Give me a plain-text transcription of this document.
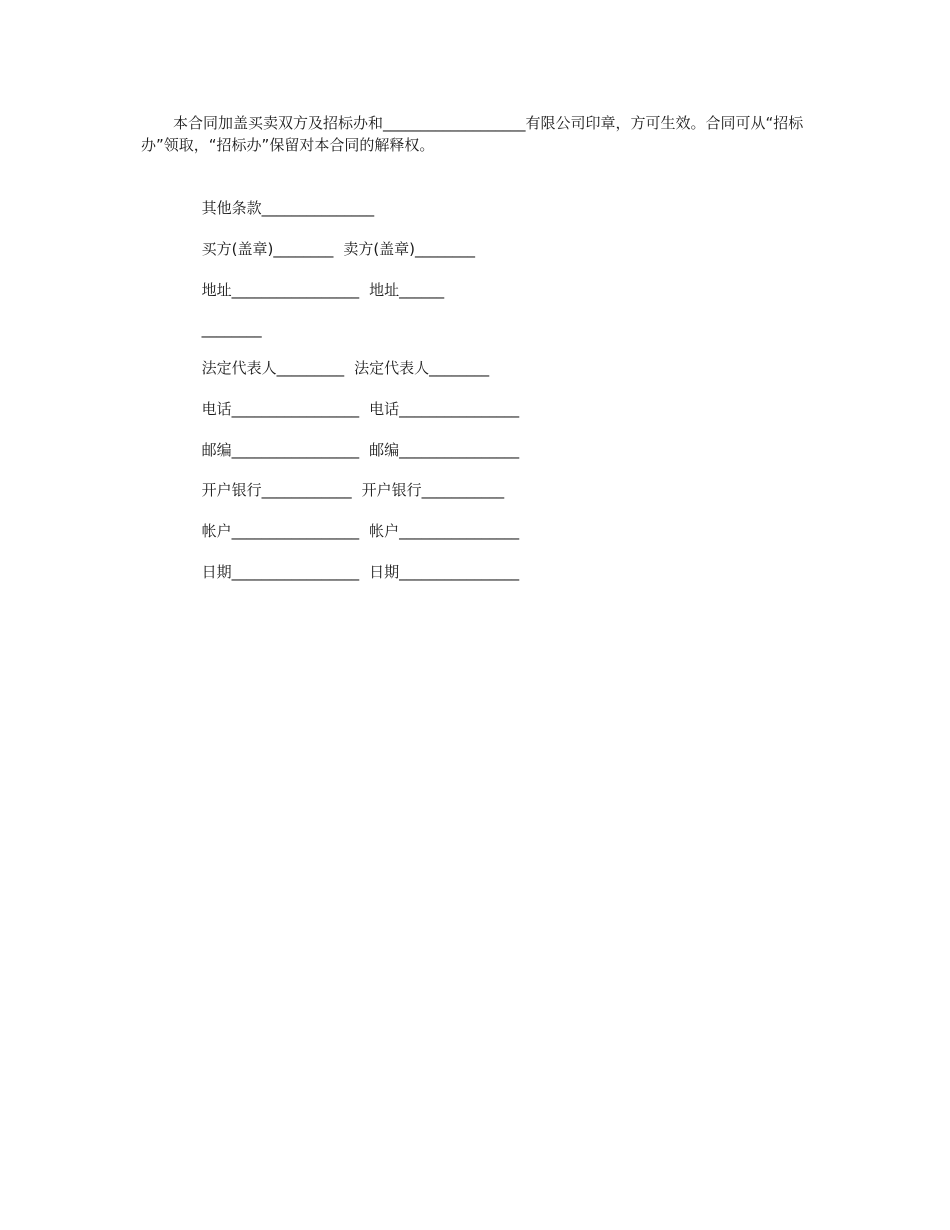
本合同加盖买卖双方及招标办和___________________有限公司印章，方可生效。合同可从“招标办”领取，“招标办”保留对本合同的解释权。

其他条款_______________

买方(盖章)________ 卖方(盖章)________

地址_________________ 地址______

________

法定代表人_________ 法定代表人________

电话_________________ 电话________________

邮编_________________ 邮编________________

开户银行____________ 开户银行___________

帐户_________________ 帐户________________

日期_________________ 日期________________
